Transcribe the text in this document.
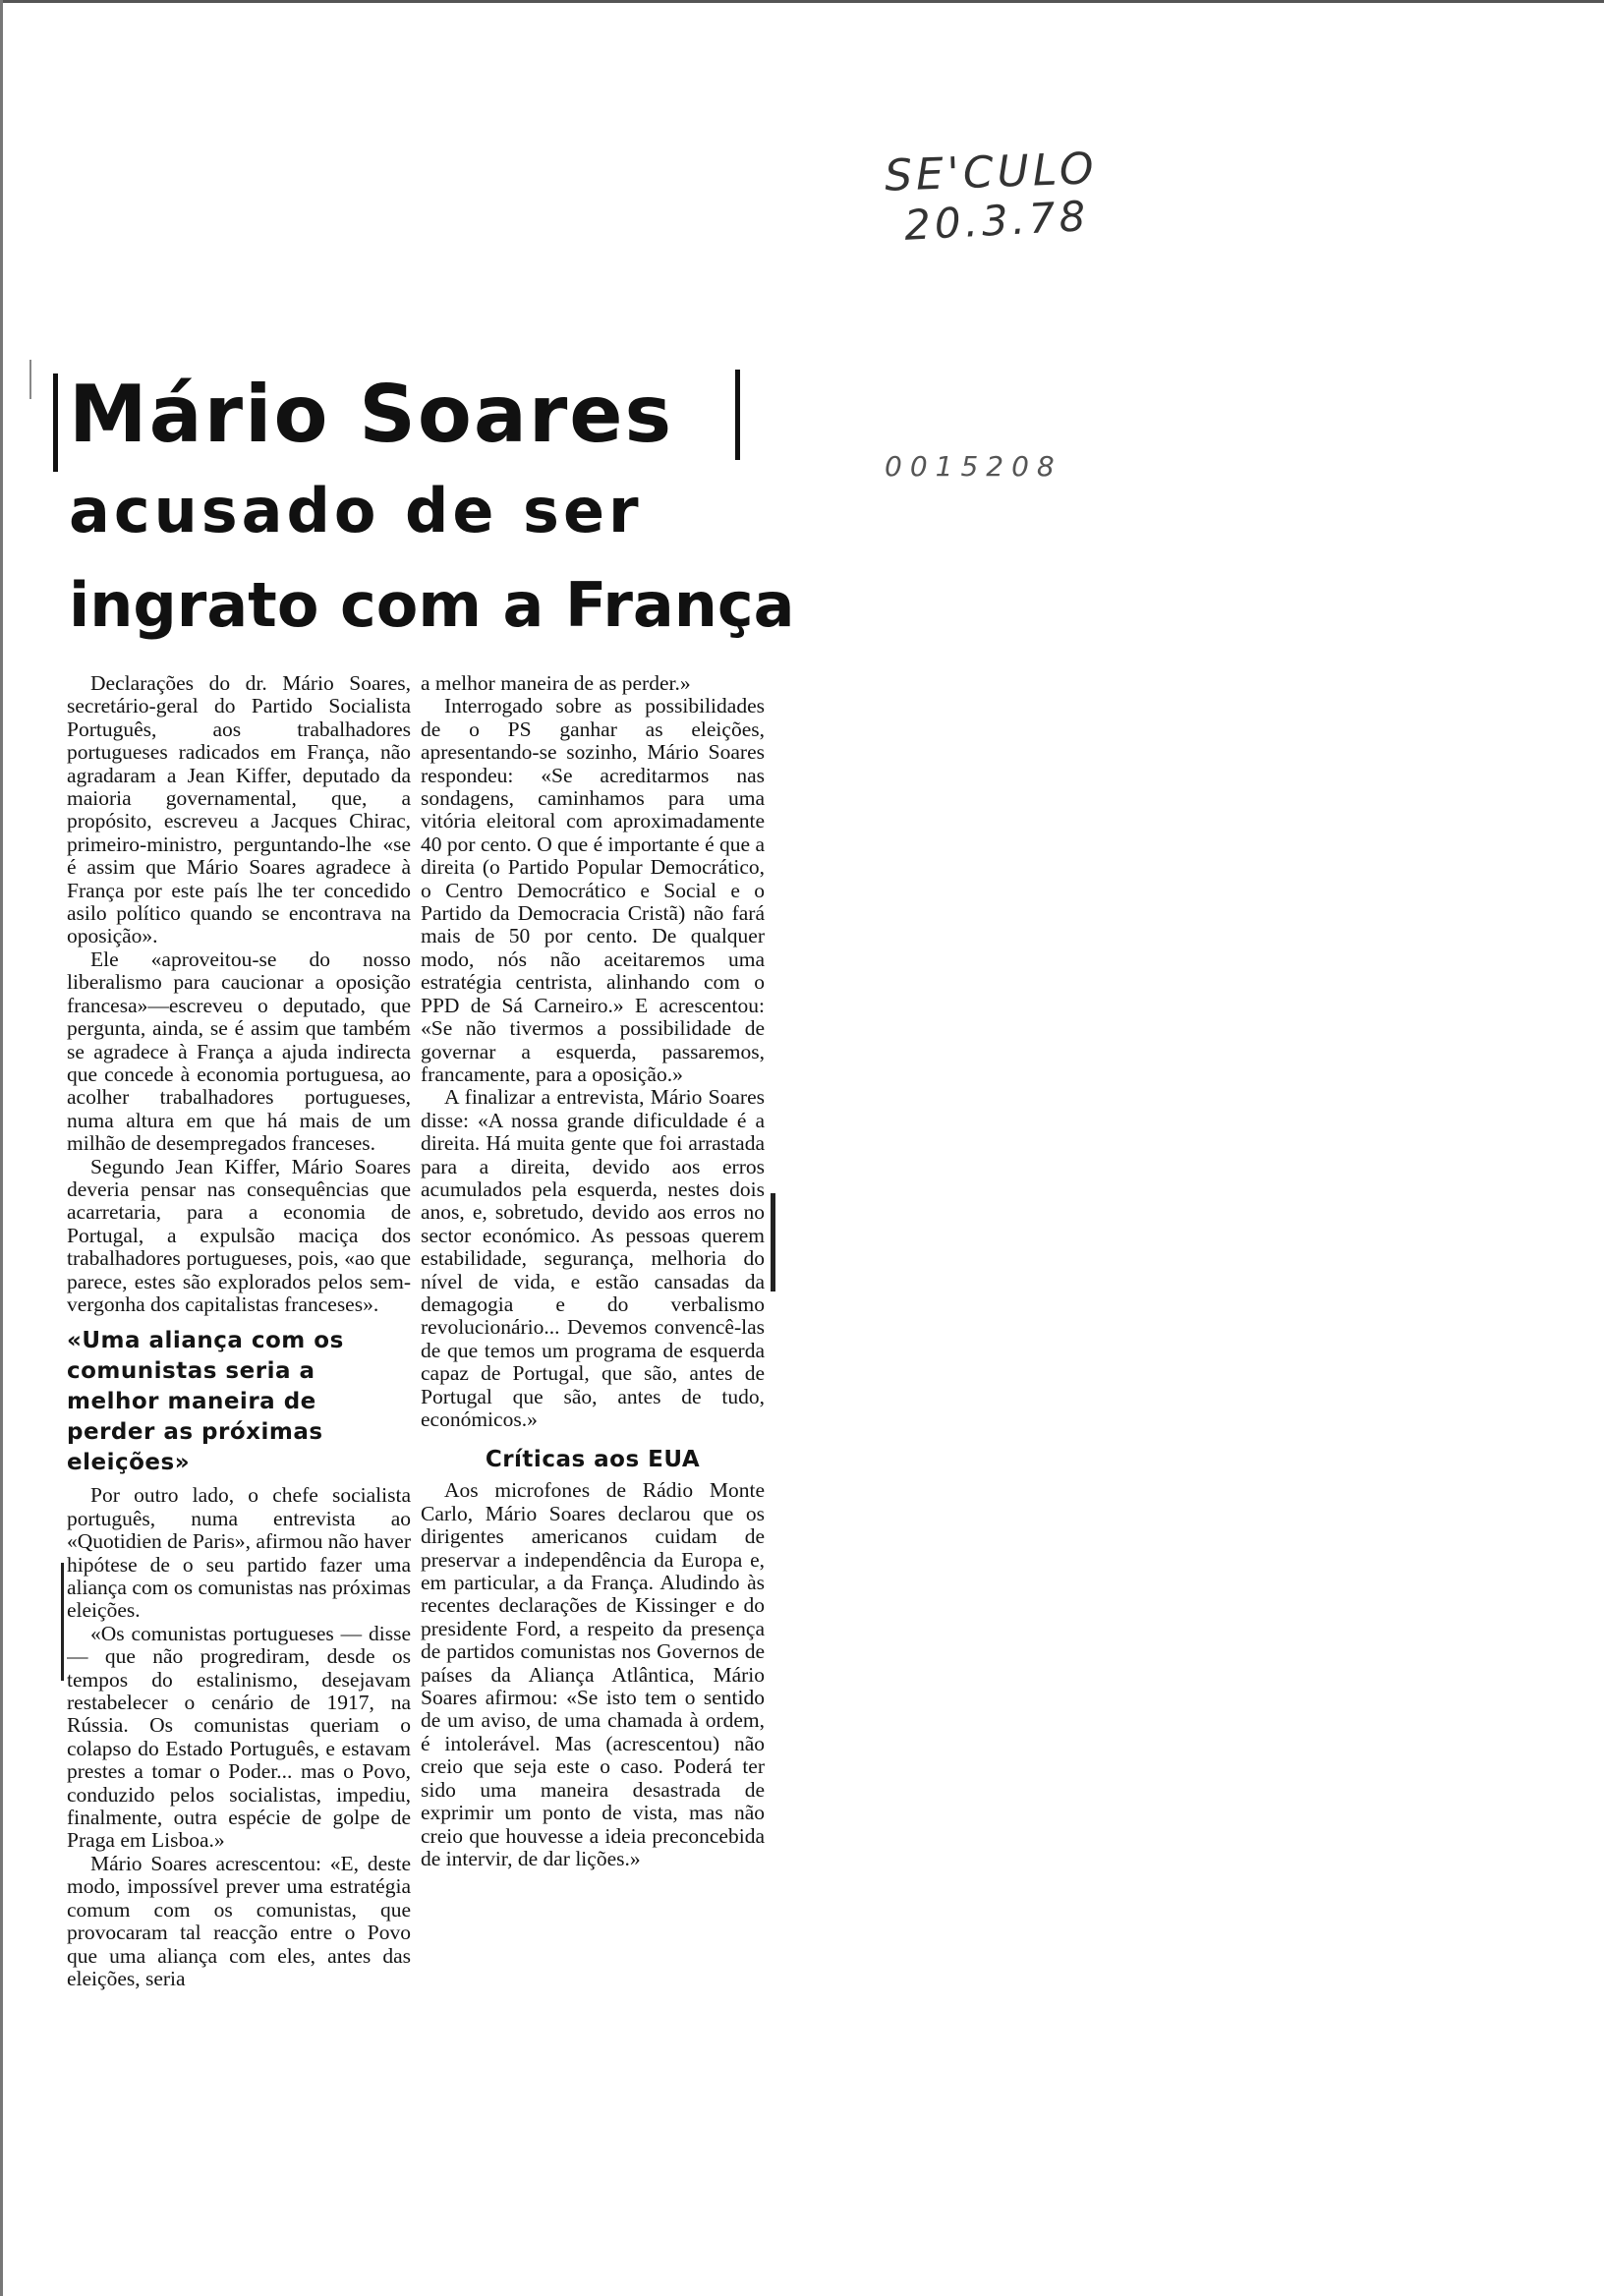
SE'CULO

20.3.78

0015208

Mário Soares
acusado de ser
ingrato com a França

Declarações do dr. Mário Soares, secretário-geral do Partido Socialista Português, aos trabalhadores portugueses radicados em França, não agradaram a Jean Kiffer, deputado da maioria governamental, que, a propósito, escreveu a Jacques Chirac, primeiro-ministro, perguntando-lhe «se é assim que Mário Soares agradece à França por este país lhe ter concedido asilo político quando se encontrava na oposição».

Ele «aproveitou-se do nosso liberalismo para caucionar a oposição francesa»—escreveu o deputado, que pergunta, ainda, se é assim que também se agradece à França a ajuda indirecta que concede à economia portuguesa, ao acolher trabalhadores portugueses, numa altura em que há mais de um milhão de desempregados franceses.

Segundo Jean Kiffer, Mário Soares deveria pensar nas consequências que acarretaria, para a economia de Portugal, a expulsão maciça dos trabalhadores portugueses, pois, «ao que parece, estes são explorados pelos sem-vergonha dos capitalistas franceses».

«Uma aliança com os comunistas seria a melhor maneira de perder as próximas eleições»

Por outro lado, o chefe socialista português, numa entrevista ao «Quotidien de Paris», afirmou não haver hipótese de o seu partido fazer uma aliança com os comunistas nas próximas eleições.

«Os comunistas portugueses — disse — que não progrediram, desde os tempos do estalinismo, desejavam restabelecer o cenário de 1917, na Rússia. Os comunistas queriam o colapso do Estado Português, e estavam prestes a tomar o Poder... mas o Povo, conduzido pelos socialistas, impediu, finalmente, outra espécie de golpe de Praga em Lisboa.»

Mário Soares acrescentou: «E, deste modo, impossível prever uma estratégia comum com os comunistas, que provocaram tal reacção entre o Povo que uma aliança com eles, antes das eleições, seria

a melhor maneira de as perder.»

Interrogado sobre as possibilidades de o PS ganhar as eleições, apresentando-se sozinho, Mário Soares respondeu: «Se acreditarmos nas sondagens, caminhamos para uma vitória eleitoral com aproximadamente 40 por cento. O que é importante é que a direita (o Partido Popular Democrático, o Centro Democrático e Social e o Partido da Democracia Cristã) não fará mais de 50 por cento. De qualquer modo, nós não aceitaremos uma estratégia centrista, alinhando com o PPD de Sá Carneiro.» E acrescentou: «Se não tivermos a possibilidade de governar a esquerda, passaremos, francamente, para a oposição.»

A finalizar a entrevista, Mário Soares disse: «A nossa grande dificuldade é a direita. Há muita gente que foi arrastada para a direita, devido aos erros acumulados pela esquerda, nestes dois anos, e, sobretudo, devido aos erros no sector económico. As pessoas querem estabilidade, segurança, melhoria do nível de vida, e estão cansadas da demagogia e do verbalismo revolucionário... Devemos convencê-las de que temos um programa de esquerda capaz de Portugal, que são, antes de Portugal que são, antes de tudo, económicos.»

Críticas aos EUA

Aos microfones de Rádio Monte Carlo, Mário Soares declarou que os dirigentes americanos cuidam de preservar a independência da Europa e, em particular, a da França. Aludindo às recentes declarações de Kissinger e do presidente Ford, a respeito da presença de partidos comunistas nos Governos de países da Aliança Atlântica, Mário Soares afirmou: «Se isto tem o sentido de um aviso, de uma chamada à ordem, é intolerável. Mas (acrescentou) não creio que seja este o caso. Poderá ter sido uma maneira desastrada de exprimir um ponto de vista, mas não creio que houvesse a ideia preconcebida de intervir, de dar lições.»
